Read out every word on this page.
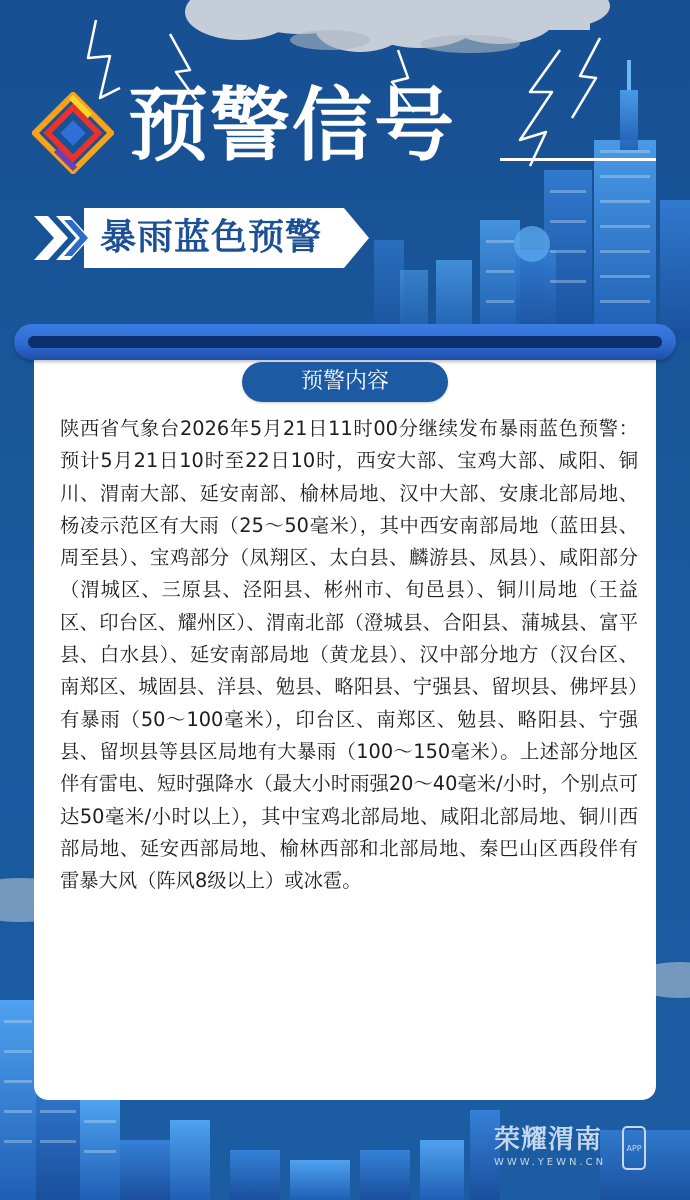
预警信号
暴雨蓝色预警
预警内容
陕西省气象台2026年5月21日11时00分继续发布暴雨蓝色预警：预计5月21日10时至22日10时，西安大部、宝鸡大部、咸阳、铜川、渭南大部、延安南部、榆林局地、汉中大部、安康北部局地、杨凌示范区有大雨（25～50毫米），其中西安南部局地（蓝田县、周至县）、宝鸡部分（凤翔区、太白县、麟游县、凤县）、咸阳部分（渭城区、三原县、泾阳县、彬州市、旬邑县）、铜川局地（王益区、印台区、耀州区）、渭南北部（澄城县、合阳县、蒲城县、富平县、白水县）、延安南部局地（黄龙县）、汉中部分地方（汉台区、南郑区、城固县、洋县、勉县、略阳县、宁强县、留坝县、佛坪县）有暴雨（50～100毫米），印台区、南郑区、勉县、略阳县、宁强县、留坝县等县区局地有大暴雨（100～150毫米）。上述部分地区伴有雷电、短时强降水（最大小时雨强20～40毫米/小时，个别点可达50毫米/小时以上），其中宝鸡北部局地、咸阳北部局地、铜川西部局地、延安西部局地、榆林西部和北部局地、秦巴山区西段伴有雷暴大风（阵风8级以上）或冰雹。
荣耀渭南
WWW.YEWN.CN
APP
